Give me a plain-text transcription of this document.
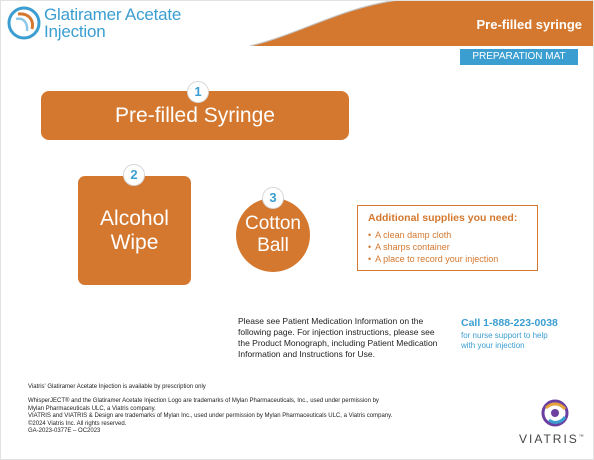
Glatiramer Acetate
Injection	Pre-filled syringe
PREPARATION MAT
1
Pre-filled Syringe
2
Alcohol
Wipe
3
Cotton
Ball
Additional supplies you need:
• A clean damp cloth
• A sharps container
• A place to record your injection
Please see Patient Medication Information on the following page. For injection instructions, please see the Product Monograph, including Patient Medication Information and Instructions for Use.
Call 1-888-223-0038
for nurse support to help with your injection
Viatris' Glatiramer Acetate Injection is available by prescription only
WhisperJECT® and the Glatiramer Acetate Injection Logo are trademarks of Mylan Pharmaceuticals, Inc., used under permission by
Mylan Pharmaceuticals ULC, a Viatris company.
VIATRIS and VIATRIS & Design are trademarks of Mylan Inc., used under permission by Mylan Pharmaceuticals ULC, a Viatris company.
©2024 Viatris Inc. All rights reserved.
GA-2023-0377E – OC2023
VIATRIS™
